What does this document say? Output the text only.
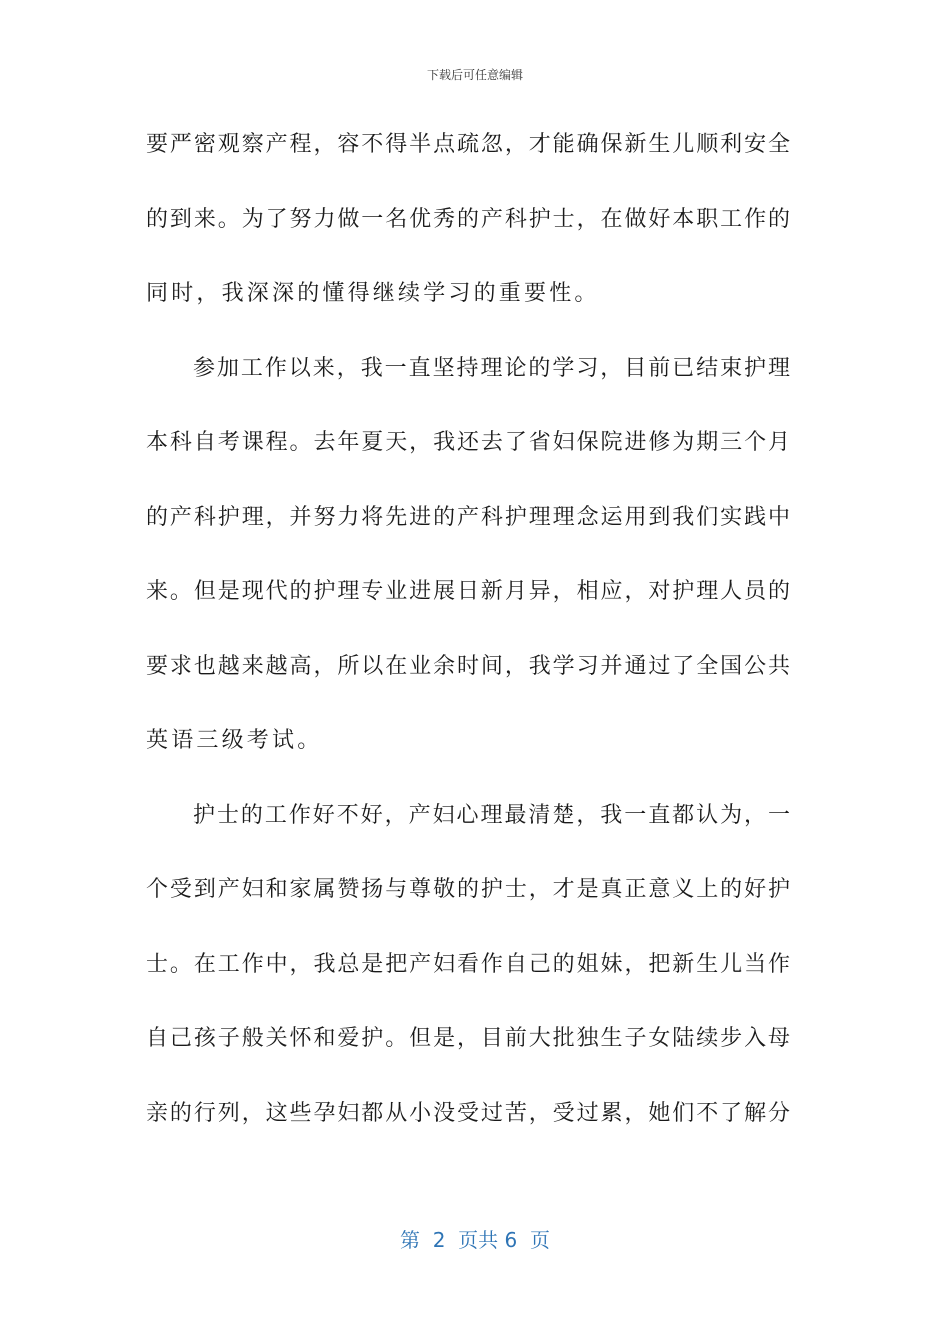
下载后可任意编辑
要严密观察产程，容不得半点疏忽，才能确保新生儿顺利安全
的到来。为了努力做一名优秀的产科护士，在做好本职工作的
同时，我深深的懂得继续学习的重要性。
参加工作以来，我一直坚持理论的学习，目前已结束护理
本科自考课程。去年夏天，我还去了省妇保院进修为期三个月
的产科护理，并努力将先进的产科护理理念运用到我们实践中
来。但是现代的护理专业进展日新月异，相应，对护理人员的
要求也越来越高，所以在业余时间，我学习并通过了全国公共
英语三级考试。
护士的工作好不好，产妇心理最清楚，我一直都认为，一
个受到产妇和家属赞扬与尊敬的护士，才是真正意义上的好护
士。在工作中，我总是把产妇看作自己的姐妹，把新生儿当作
自己孩子般关怀和爱护。但是，目前大批独生子女陆续步入母
亲的行列，这些孕妇都从小没受过苦，受过累，她们不了解分
第  2  页共 6  页
